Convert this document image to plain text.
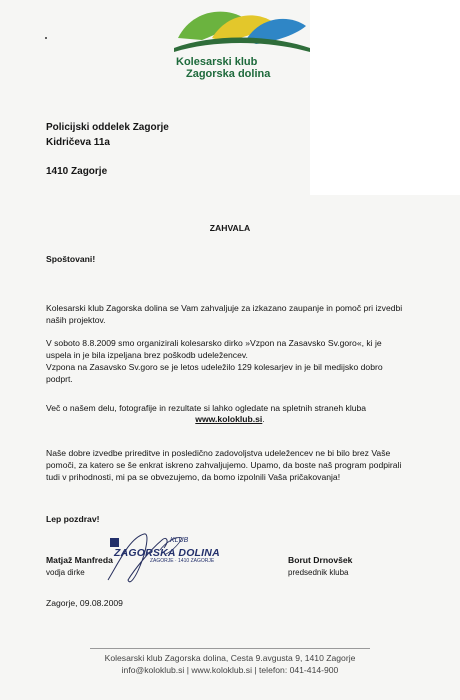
Kolesarski klub
Zagorska dolina
Policijski oddelek Zagorje
Kidričeva 11a
1410 Zagorje
ZAHVALA
Spoštovani!
Kolesarski klub Zagorska dolina se Vam zahvaljuje za izkazano zaupanje in pomoč pri izvedbi
naših projektov.
V soboto 8.8.2009 smo organizirali kolesarsko dirko »Vzpon na Zasavsko Sv.goro«, ki je
uspela in je bila izpeljana brez poškodb udeležencev.
Vzpona na Zasavsko Sv.goro se je letos udeležilo 129 kolesarjev in je bil medijsko dobro
podprt.
Več o našem delu, fotografije in rezultate si lahko ogledate na spletnih straneh kluba
www.koloklub.si.
Naše dobre izvedbe prireditve in posledično zadovoljstva udeležencev ne bi bilo brez Vaše
pomoči, za katero se še enkrat iskreno zahvaljujemo. Upamo, da boste naš program podpirali
tudi v prihodnosti, mi pa se obvezujemo, da bomo izpolnili Vaša pričakovanja!
Lep pozdrav!
KLUB
ZAGORSKA DOLINA
ZAGORJE · 1410 ZAGORJE
Matjaž Manfreda
vodja dirke
Borut Drnovšek
predsednik kluba
Zagorje, 09.08.2009
Kolesarski klub Zagorska dolina, Cesta 9.avgusta 9, 1410 Zagorje
info@koloklub.si | www.koloklub.si | telefon: 041-414-900
